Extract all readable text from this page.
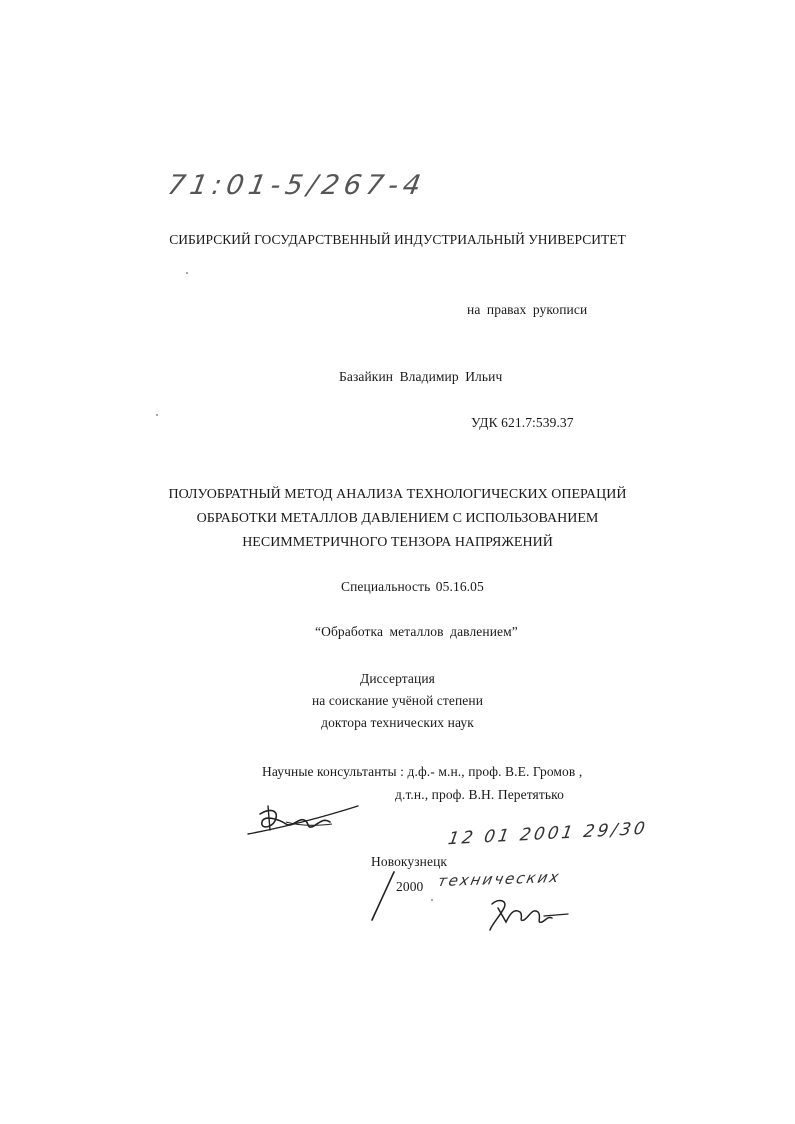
71:01-5/267-4
СИБИРСКИЙ ГОСУДАРСТВЕННЫЙ ИНДУСТРИАЛЬНЫЙ УНИВЕРСИТЕТ
на правах рукописи
Базайкин Владимир Ильич
УДК 621.7:539.37
ПОЛУОБРАТНЫЙ МЕТОД АНАЛИЗА ТЕХНОЛОГИЧЕСКИХ ОПЕРАЦИЙ
ОБРАБОТКИ МЕТАЛЛОВ ДАВЛЕНИЕМ С ИСПОЛЬЗОВАНИЕМ
НЕСИММЕТРИЧНОГО ТЕНЗОРА НАПРЯЖЕНИЙ
Специальность 05.16.05
“Обработка металлов давлением”
Диссертация
на соискание учёной степени
доктора технических наук
Научные консультанты : д.ф.- м.н., проф. В.Е. Громов ,
д.т.н., проф. В.Н. Перетятько
12 01 2001 29/30
Новокузнецк
2000 технических
